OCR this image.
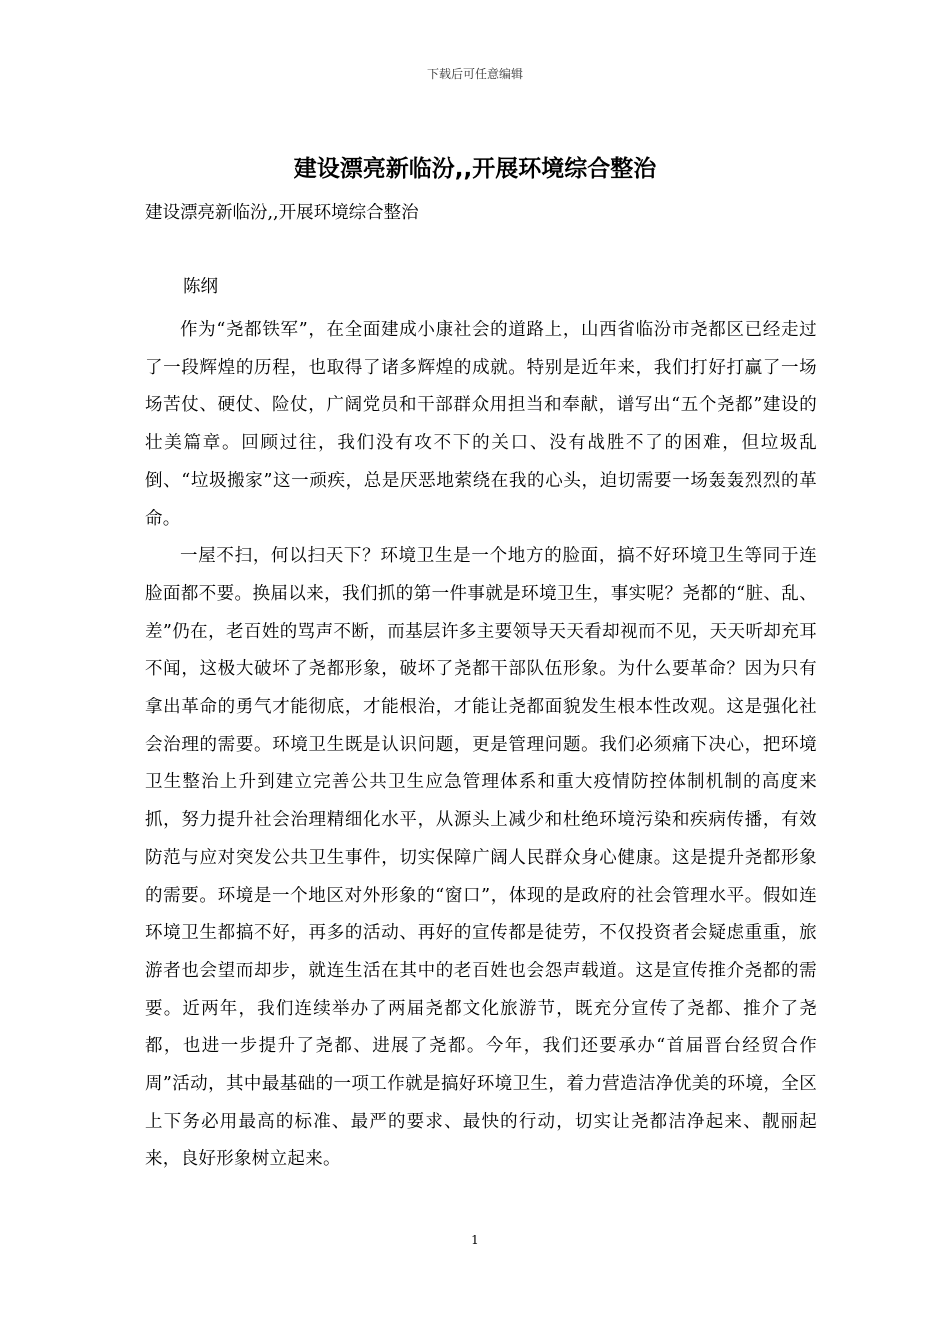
下载后可任意编辑
建设漂亮新临汾,,开展环境综合整治
建设漂亮新临汾,,开展环境综合整治
陈纲

作为“尧都铁军”，在全面建成小康社会的道路上，山西省临汾市尧都区已经走过了一段辉煌的历程，也取得了诸多辉煌的成就。特别是近年来，我们打好打赢了一场场苦仗、硬仗、险仗，广阔党员和干部群众用担当和奉献，谱写出“五个尧都”建设的壮美篇章。回顾过往，我们没有攻不下的关口、没有战胜不了的困难，但垃圾乱倒、“垃圾搬家”这一顽疾，总是厌恶地萦绕在我的心头，迫切需要一场轰轰烈烈的革命。

一屋不扫，何以扫天下？环境卫生是一个地方的脸面，搞不好环境卫生等同于连脸面都不要。换届以来，我们抓的第一件事就是环境卫生，事实呢？尧都的“脏、乱、差”仍在，老百姓的骂声不断，而基层许多主要领导天天看却视而不见，天天听却充耳不闻，这极大破坏了尧都形象，破坏了尧都干部队伍形象。为什么要革命？因为只有拿出革命的勇气才能彻底，才能根治，才能让尧都面貌发生根本性改观。这是强化社会治理的需要。环境卫生既是认识问题，更是管理问题。我们必须痛下决心，把环境卫生整治上升到建立完善公共卫生应急管理体系和重大疫情防控体制机制的高度来抓，努力提升社会治理精细化水平，从源头上减少和杜绝环境污染和疾病传播，有效防范与应对突发公共卫生事件，切实保障广阔人民群众身心健康。这是提升尧都形象的需要。环境是一个地区对外形象的“窗口”，体现的是政府的社会管理水平。假如连环境卫生都搞不好，再多的活动、再好的宣传都是徒劳，不仅投资者会疑虑重重，旅游者也会望而却步，就连生活在其中的老百姓也会怨声载道。这是宣传推介尧都的需要。近两年，我们连续举办了两届尧都文化旅游节，既充分宣传了尧都、推介了尧都，也进一步提升了尧都、进展了尧都。今年，我们还要承办“首届晋台经贸合作周”活动，其中最基础的一项工作就是搞好环境卫生，着力营造洁净优美的环境，全区上下务必用最高的标准、最严的要求、最快的行动，切实让尧都洁净起来、靓丽起来，良好形象树立起来。

1
